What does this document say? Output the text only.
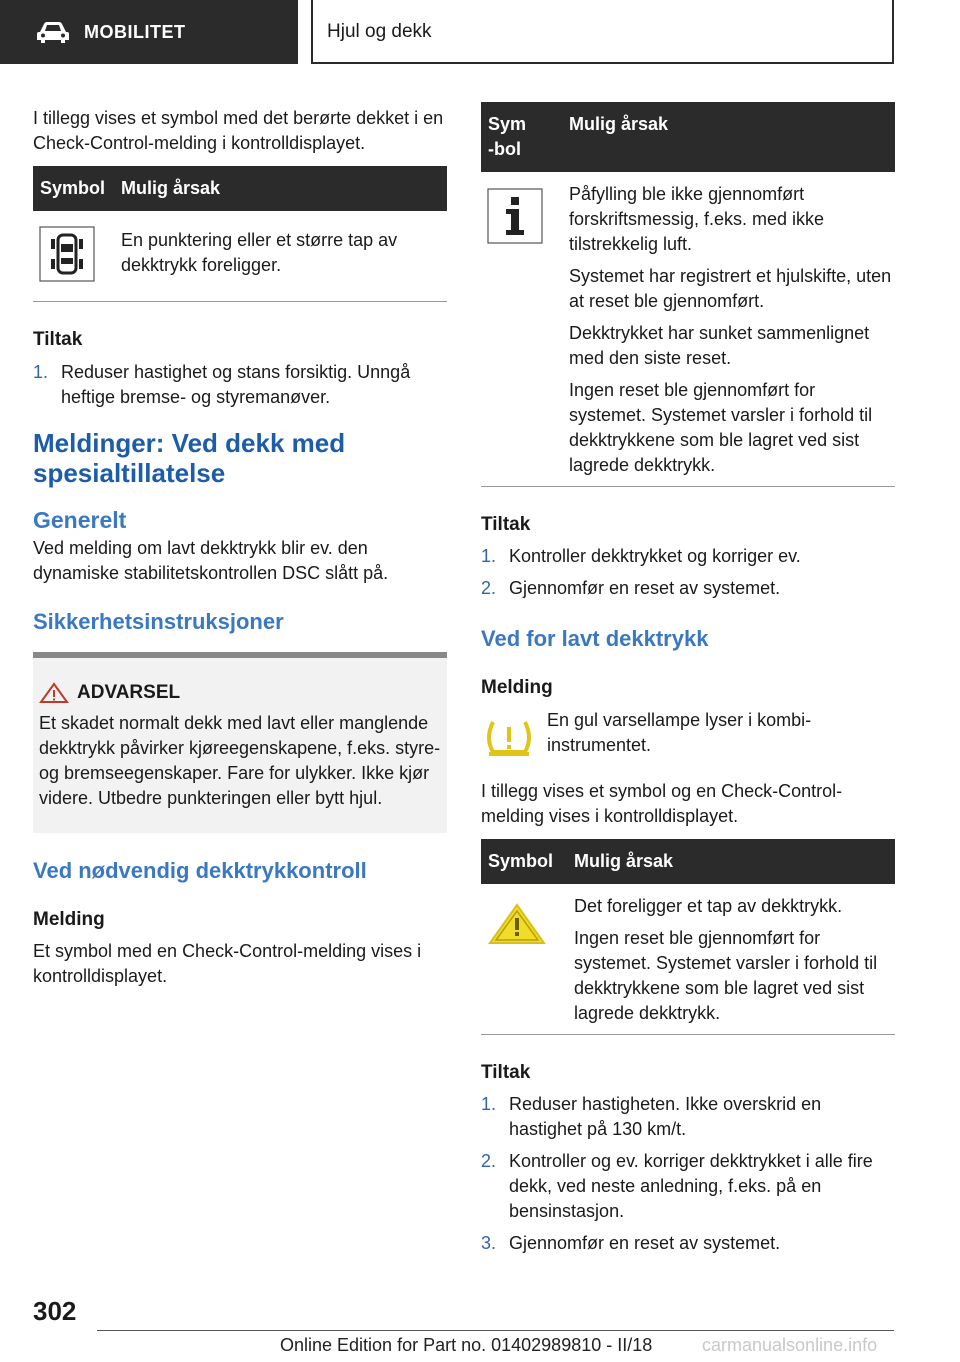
MOBILITET	Hjul og dekk

I tillegg vises et symbol med det berørte dekket i en Check-Control-melding i kontrolldisplayet.

Symbol Mulig årsak
En punktering eller et større tap av dekktrykk foreligger.
Tiltak
1. Reduser hastighet og stans forsiktig. Unngå heftige bremse- og styremanøver.
Meldinger: Ved dekk med spesialtillatelse
Generelt

Ved melding om lavt dekktrykk blir ev. den dynamiske stabilitetskontrollen DSC slått på.

Sikkerhetsinstruksjoner
ADVARSEL

Et skadet normalt dekk med lavt eller manglende dekktrykk påvirker kjøreegenskapene, f.eks. styre- og bremseegenskaper. Fare for ulykker. Ikke kjør videre. Utbedre punkteringen eller bytt hjul.

Ved nødvendig dekktrykkontroll
Melding

Et symbol med en Check-Control-melding vises i kontrolldisplayet.

Sym-bol
Mulig årsak

Påfylling ble ikke gjennomført forskriftsmessig, f.eks. med ikke tilstrekkelig luft.

Systemet har registrert et hjulskifte, uten at reset ble gjennomført.

Dekktrykket har sunket sammenlignet med den siste reset.

Ingen reset ble gjennomført for systemet. Systemet varsler i forhold til dekktrykkene som ble lagret ved sist lagrede dekktrykk.

Tiltak
1. Kontroller dekktrykket og korriger ev.
2. Gjennomfør en reset av systemet.
Ved for lavt dekktrykk
Melding

En gul varsellampe lyser i kombi-instrumentet.

I tillegg vises et symbol og en Check-Control-melding vises i kontrolldisplayet.

Symbol	Mulig årsak

Det foreligger et tap av dekktrykk.

Ingen reset ble gjennomført for systemet. Systemet varsler i forhold til dekktrykkene som ble lagret ved sist lagrede dekktrykk.

Tiltak
1. Reduser hastigheten. Ikke overskrid en hastighet på 130 km/t.
2. Kontroller og ev. korriger dekktrykket i alle fire dekk, ved neste anledning, f.eks. på en bensinstasjon.
3. Gjennomfør en reset av systemet.
302
Online Edition for Part no. 01402989810 - II/18	carmanualsonline.info
